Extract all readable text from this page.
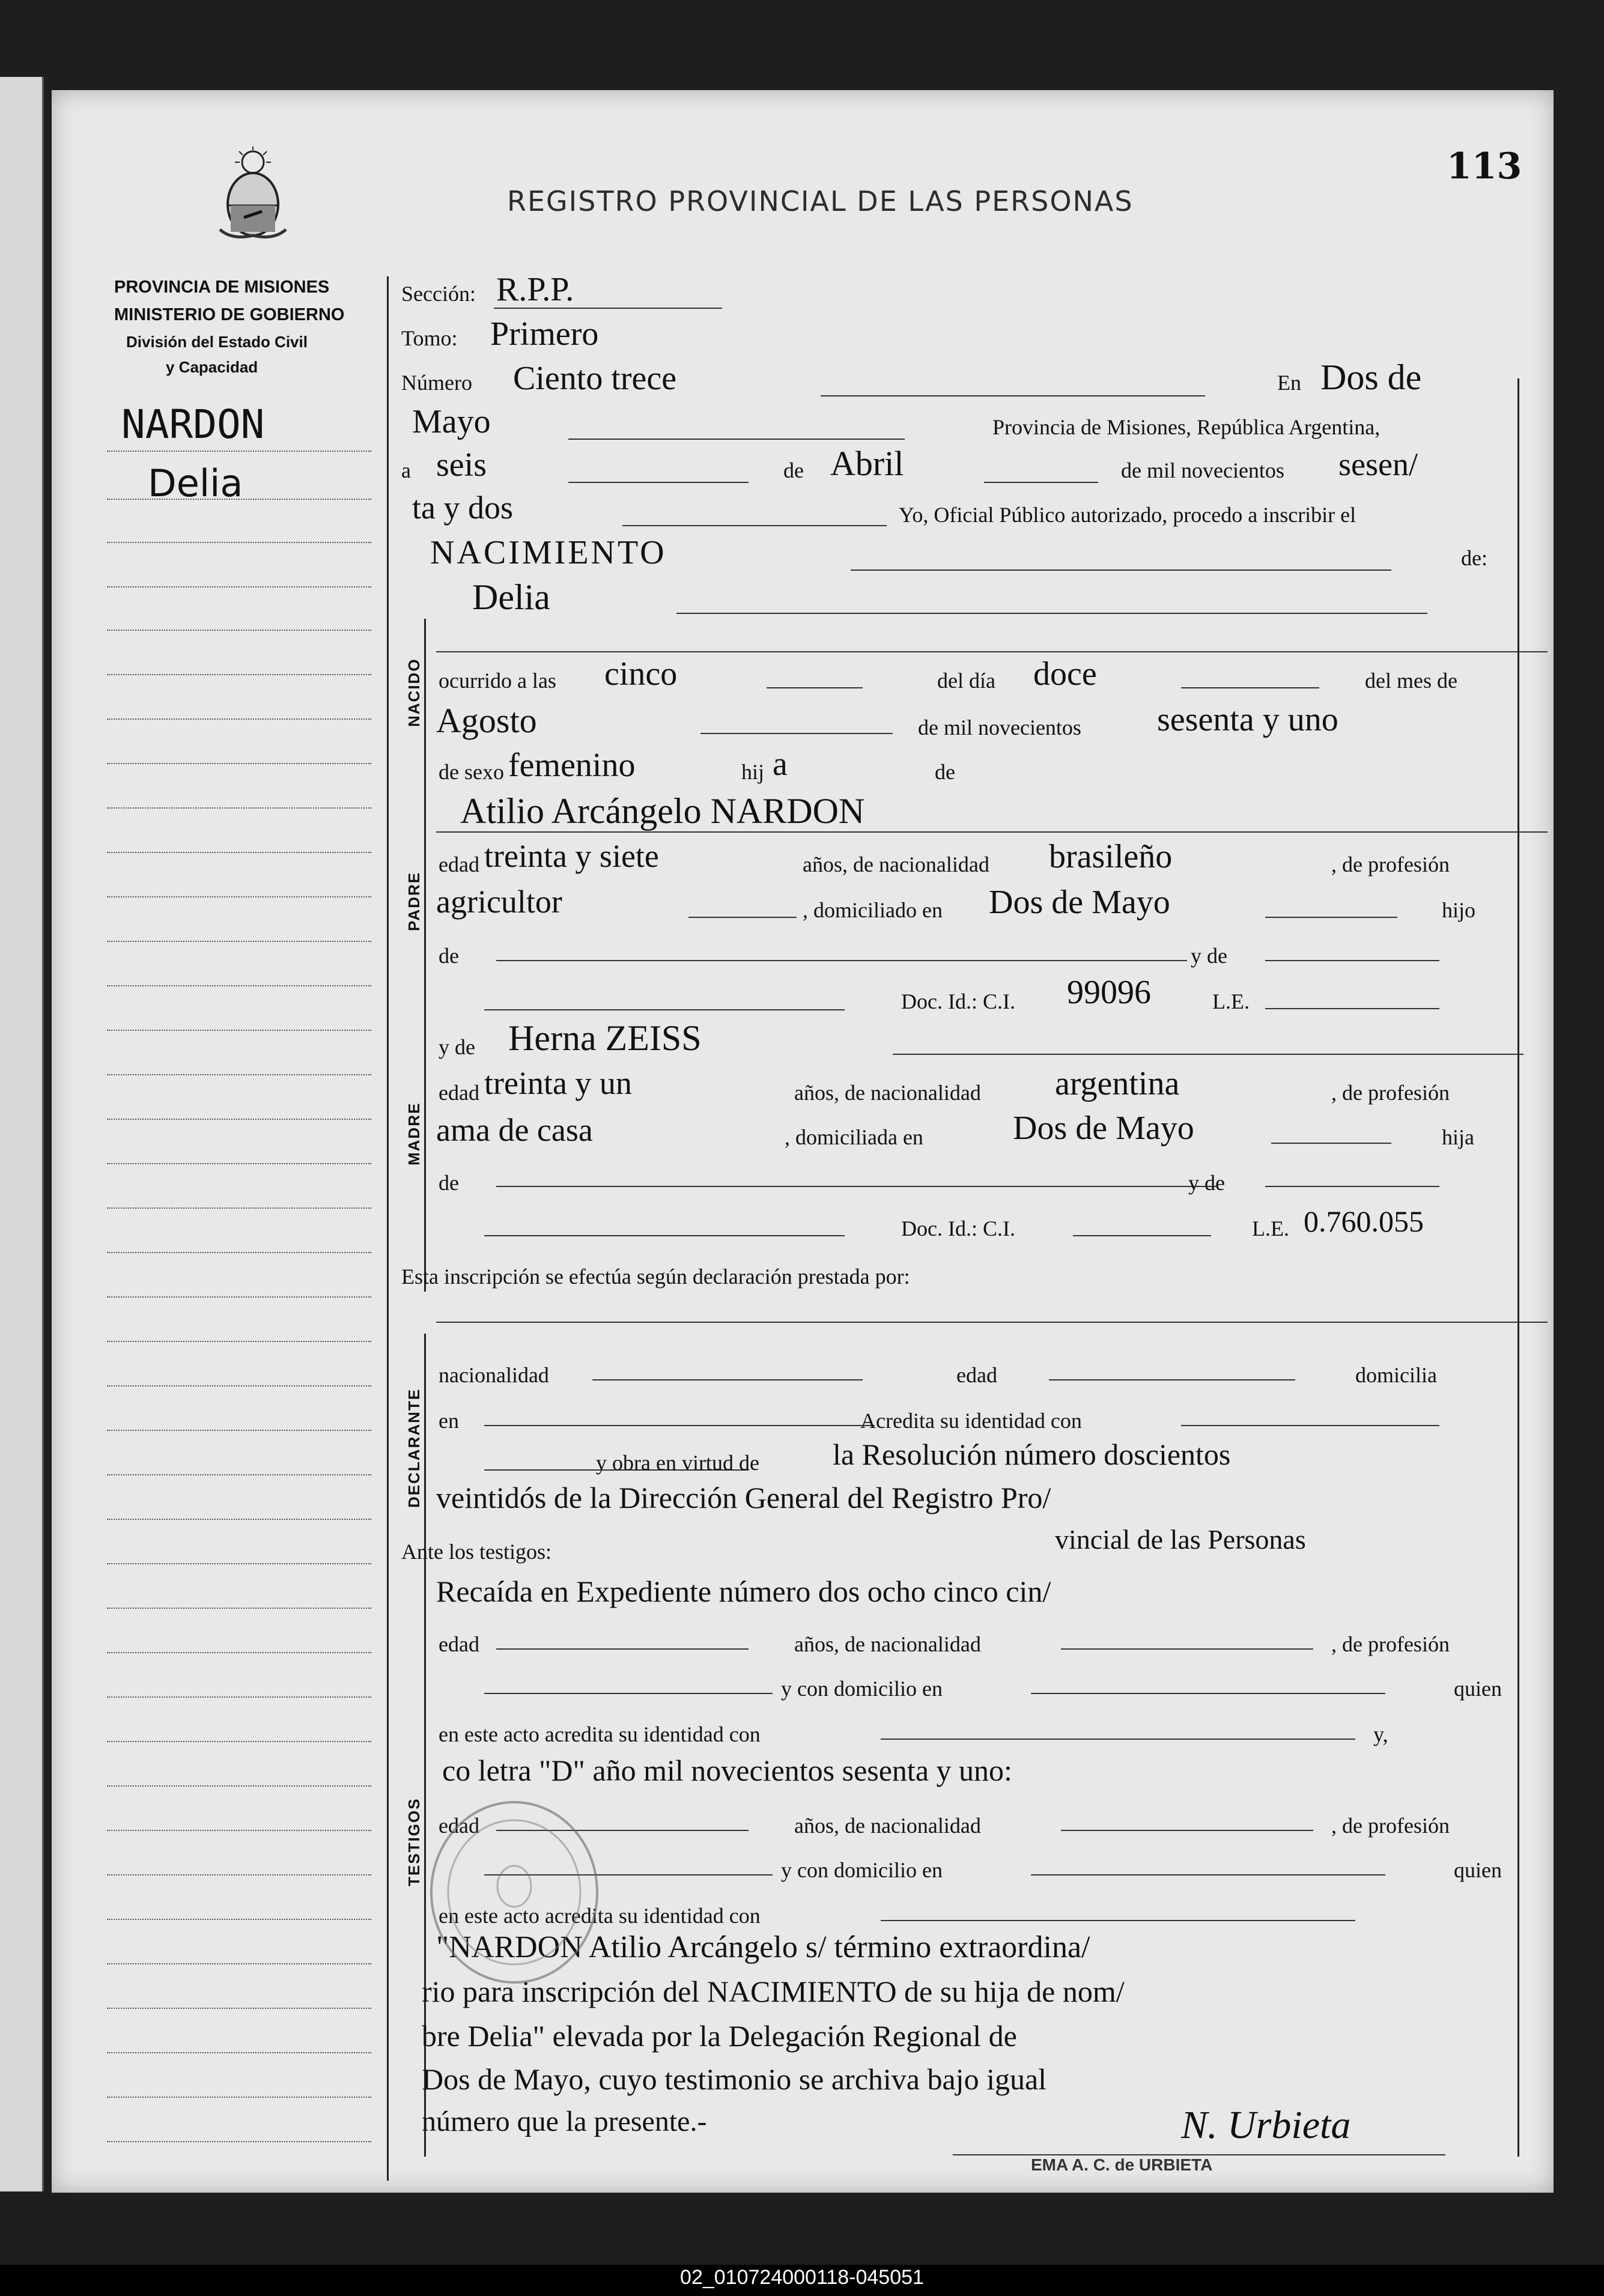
REGISTRO PROVINCIAL DE LAS PERSONAS
113
PROVINCIA DE MISIONES
MINISTERIO DE GOBIERNO
División del Estado Civil
y Capacidad
NARDON
Delia
Sección: R.P.P.
Tomo: Primero
Número Ciento trece	En Dos de
Mayo	Provincia de Misiones, República Argentina,
a seis	de Abril	de mil novecientos sesen/
ta y dos	Yo, Oficial Público autorizado, procedo a inscribir el
NACIMIENTO	de:
NACIDO
Delia
ocurrido a las cinco	del día doce	del mes de
Agosto	de mil novecientos sesenta y uno
de sexo femenino	hij a	de
PADRE
Atilio Arcángelo NARDON
edad treinta y siete	años, de nacionalidad brasileño	, de profesión
agricultor	, domiciliado en Dos de Mayo	hijo
de	y de
Doc. Id.: C.I. 99096	L.E.
MADRE
y de Herna ZEISS
edad treinta y un	años, de nacionalidad argentina	, de profesión
ama de casa	, domiciliada en	Dos de Mayo	hija
de	y de
Doc. Id.: C.I.	L.E. 0.760.055
Esta inscripción se efectúa según declaración prestada por:
DECLARANTE
nacionalidad	edad	domicilia
en	Acredita su identidad con
y obra en virtud de la Resolución número doscientos
veintidós de la Dirección General del Registro Pro/
vincial de las Personas
Ante los testigos:
Recaída en Expediente número dos ocho cinco cin/
TESTIGOS
edad	años, de nacionalidad	, de profesión
y con domicilio en	quien
en este acto acredita su identidad con	y,
co letra "D" año mil novecientos sesenta y uno:
edad	años, de nacionalidad	, de profesión
y con domicilio en	quien
en este acto acredita su identidad con
"NARDON Atilio Arcángelo s/ término extraordina/
rio para inscripción del NACIMIENTO de su hija de nom/
bre Delia" elevada por la Delegación Regional de
Dos de Mayo, cuyo testimonio se archiva bajo igual
número que la presente.-	N. Urbieta
EMA A. C. de URBIETA
02_010724000118-045051
